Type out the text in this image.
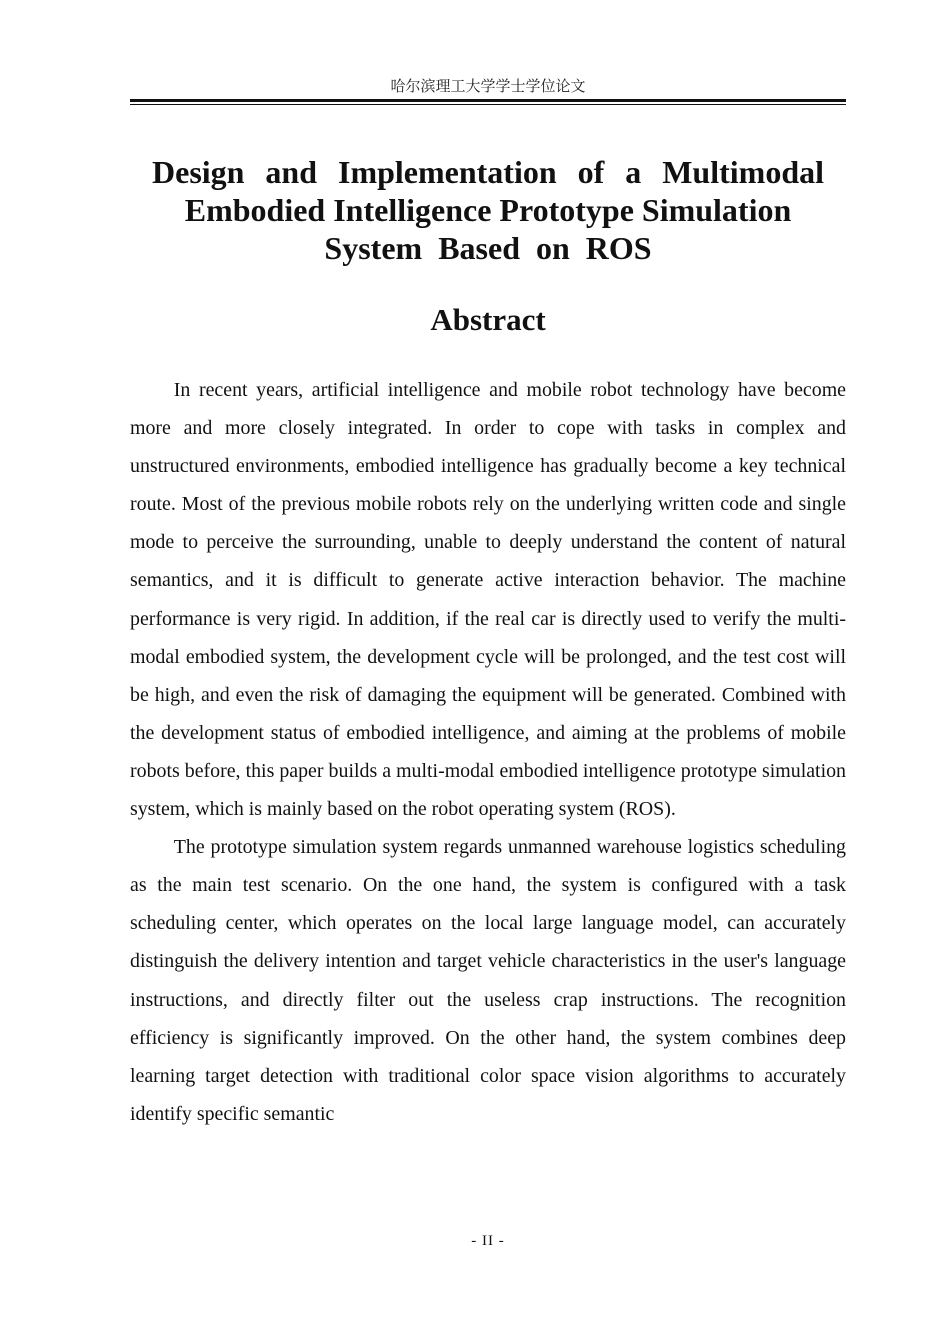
哈尔滨理工大学学士学位论文
Design and Implementation of a Multimodal
Embodied Intelligence Prototype Simulation
System Based on ROS
Abstract

In recent years, artificial intelligence and mobile robot technology have become more and more closely integrated. In order to cope with tasks in complex and unstructured environments, embodied intelligence has gradually become a key technical route. Most of the previous mobile robots rely on the underlying written code and single mode to perceive the surrounding, unable to deeply understand the content of natural semantics, and it is difficult to generate active interaction behavior. The machine performance is very rigid. In addition, if the real car is directly used to verify the multi-modal embodied system, the development cycle will be prolonged, and the test cost will be high, and even the risk of damaging the equipment will be generated. Combined with the development status of embodied intelligence, and aiming at the problems of mobile robots before, this paper builds a multi-modal embodied intelligence prototype simulation system, which is mainly based on the robot operating system (ROS).

The prototype simulation system regards unmanned warehouse logistics scheduling as the main test scenario. On the one hand, the system is configured with a task scheduling center, which operates on the local large language model, can accurately distinguish the delivery intention and target vehicle characteristics in the user's language instructions, and directly filter out the useless crap instructions. The recognition efficiency is significantly improved. On the other hand, the system combines deep learning target detection with traditional color space vision algorithms to accurately identify specific semantic

- II -
